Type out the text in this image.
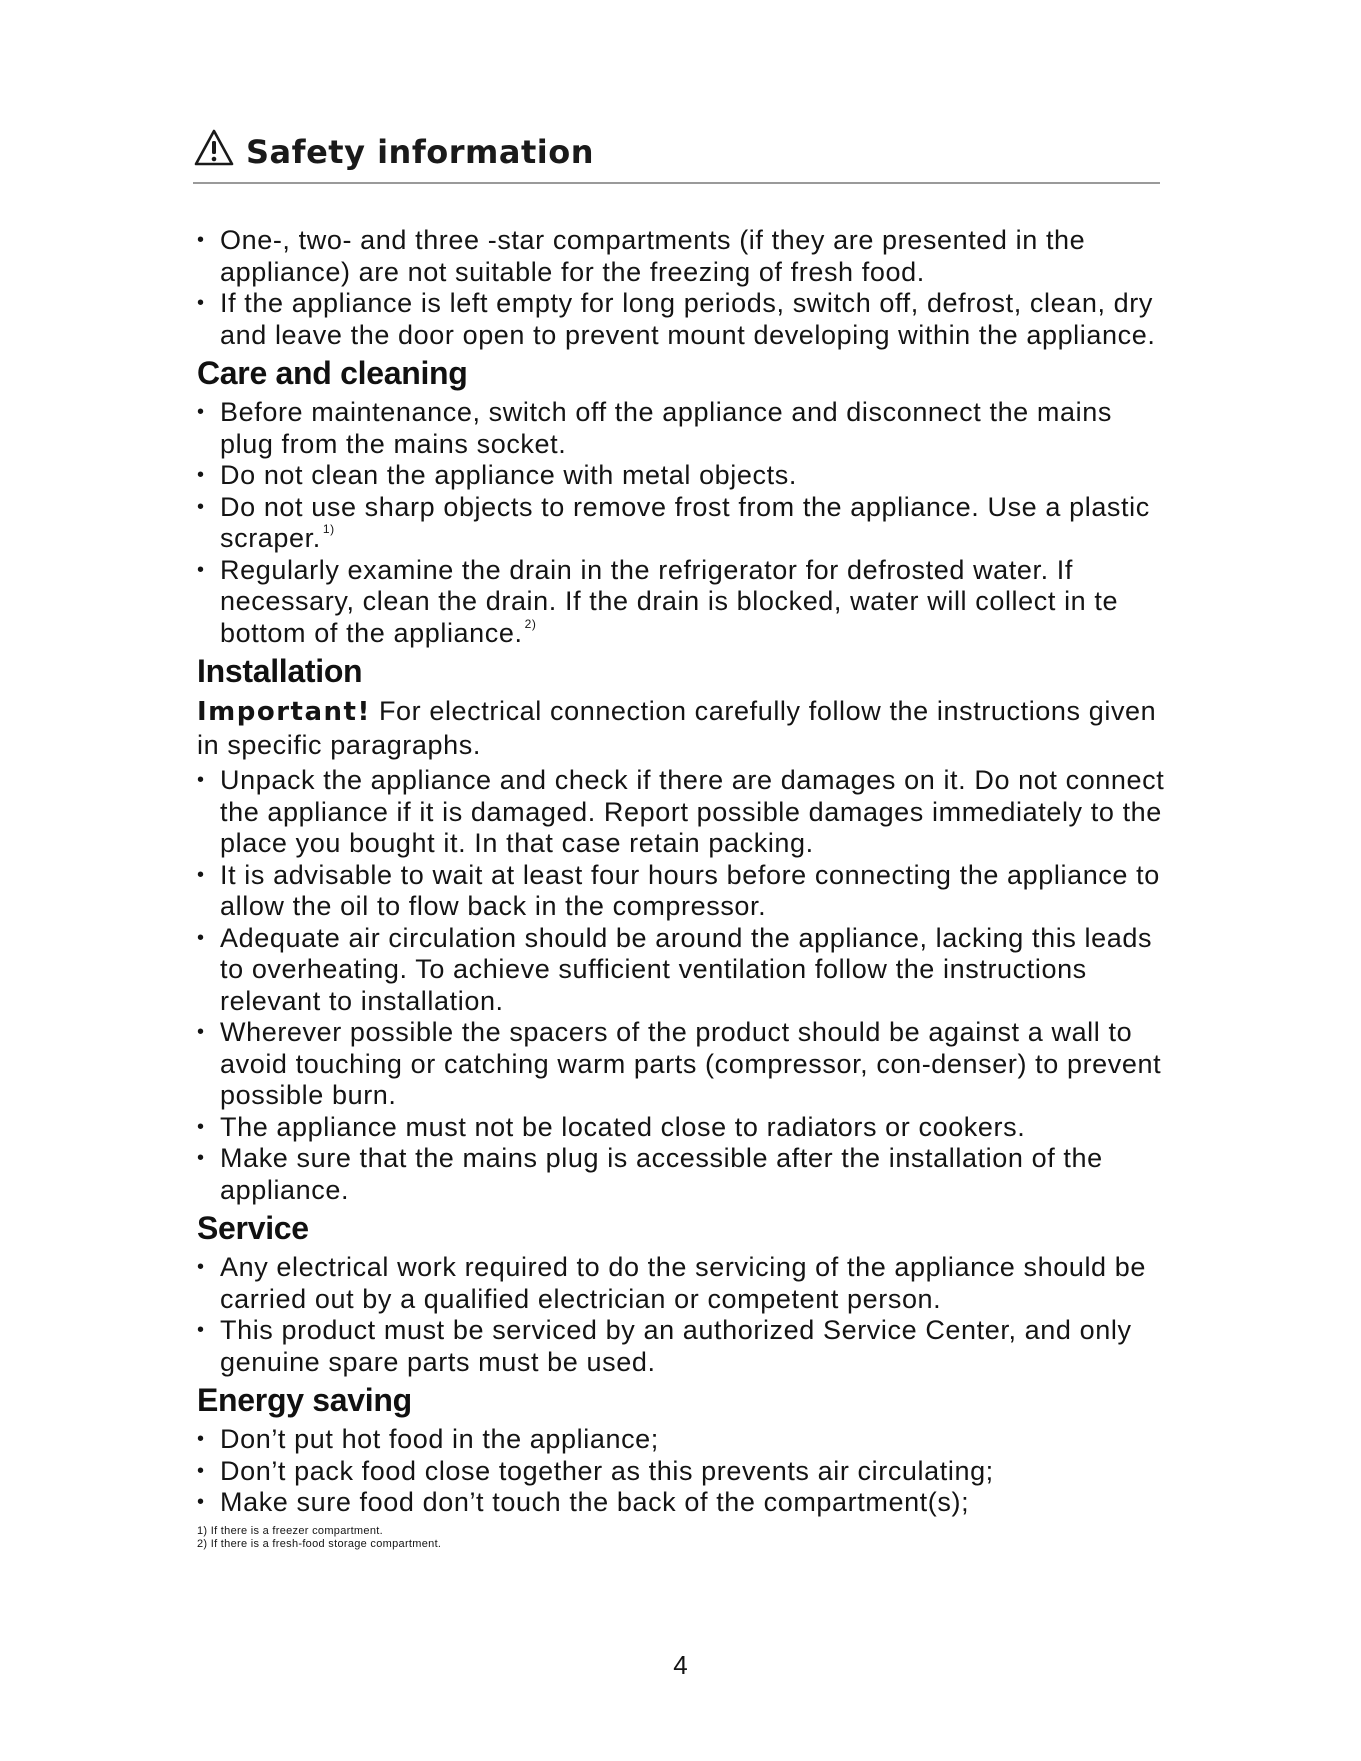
Safety information
• One-, two- and three -star compartments (if they are presented in the appliance) are not suitable for the freezing of fresh food.
• If the appliance is left empty for long periods, switch off, defrost, clean, dry and leave the door open to prevent mount developing within the appliance.
Care and cleaning
• Before maintenance, switch off the appliance and disconnect the mains plug from the mains socket.
• Do not clean the appliance with metal objects.
• Do not use sharp objects to remove frost from the appliance. Use a plastic scraper. $^{1)}$
• Regularly examine the drain in the refrigerator for defrosted water. If necessary, clean the drain. If the drain is blocked, water will collect in te bottom of the appliance. $^{2)}$
Installation

Important! For electrical connection carefully follow the instructions given in specific paragraphs.

• Unpack the appliance and check if there are damages on it. Do not connect the appliance if it is damaged. Report possible damages immediately to the place you bought it. In that case retain packing.
• It is advisable to wait at least four hours before connecting the appliance to allow the oil to flow back in the compressor.
• Adequate air circulation should be around the appliance, lacking this leads to overheating. To achieve sufficient ventilation follow the instructions relevant to installation.
• Wherever possible the spacers of the product should be against a wall to avoid touching or catching warm parts (compressor, con-denser) to prevent possible burn.
• The appliance must not be located close to radiators or cookers.
• Make sure that the mains plug is accessible after the installation of the appliance.
Service
• Any electrical work required to do the servicing of the appliance should be carried out by a qualified electrician or competent person.
• This product must be serviced by an authorized Service Center, and only genuine spare parts must be used.
Energy saving
• Don’t put hot food in the appliance;
• Don’t pack food close together as this prevents air circulating;
• Make sure food don’t touch the back of the compartment(s);
1) If there is a freezer compartment.
2) If there is a fresh-food storage compartment.
4
